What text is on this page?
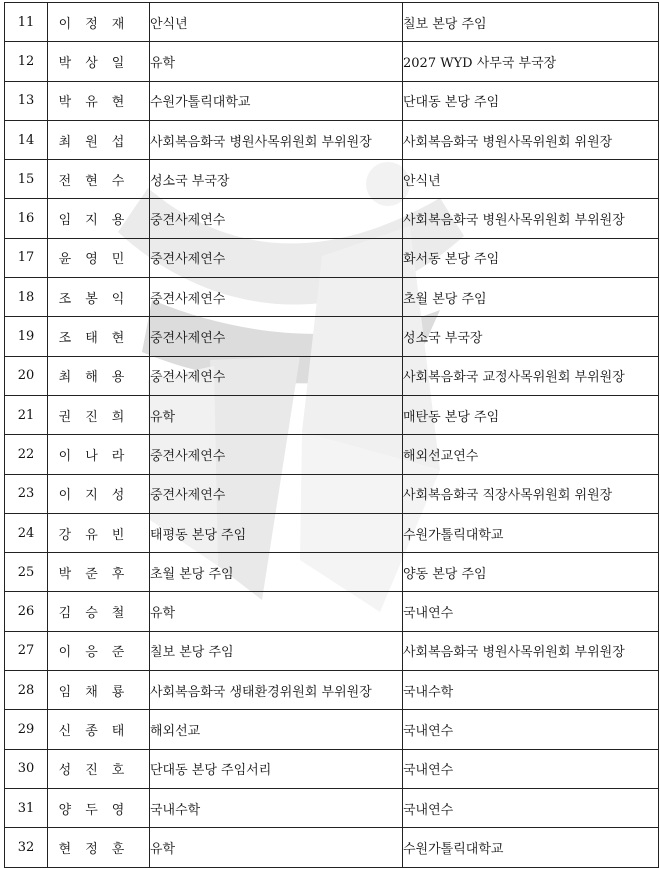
11	이정재	안식년	칠보 본당 주임
12	박상일	유학	2027 WYD 사무국 부국장
13	박유현	수원가톨릭대학교	단대동 본당 주임
14	최원섭	사회복음화국 병원사목위원회 부위원장	사회복음화국 병원사목위원회 위원장
15	전현수	성소국 부국장	안식년
16	임지용	중견사제연수	사회복음화국 병원사목위원회 부위원장
17	윤영민	중견사제연수	화서동 본당 주임
18	조봉익	중견사제연수	초월 본당 주임
19	조태현	중견사제연수	성소국 부국장
20	최해용	중견사제연수	사회복음화국 교정사목위원회 부위원장
21	권진희	유학	매탄동 본당 주임
22	이나라	중견사제연수	해외선교연수
23	이지성	중견사제연수	사회복음화국 직장사목위원회 위원장
24	강유빈	태평동 본당 주임	수원가톨릭대학교
25	박준후	초월 본당 주임	양동 본당 주임
26	김승철	유학	국내연수
27	이응준	칠보 본당 주임	사회복음화국 병원사목위원회 부위원장
28	임채룡	사회복음화국 생태환경위원회 부위원장	국내수학
29	신종태	해외선교	국내연수
30	성진호	단대동 본당 주임서리	국내연수
31	양두영	국내수학	국내연수
32	현정훈	유학	수원가톨릭대학교
